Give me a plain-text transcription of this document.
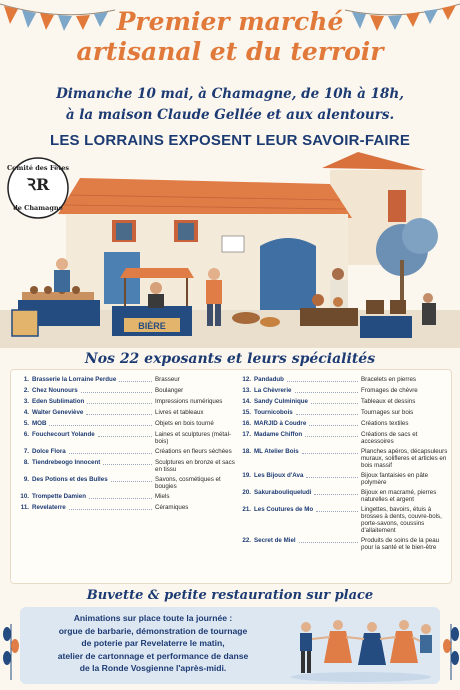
Premier marché
artisanal et du terroir
Dimanche 10 mai, à Chamagne, de 10h à 18h,
à la maison Claude Gellée et aux alentours.
LES LORRAINS EXPOSENT LEUR SAVOIR-FAIRE
BIÈRE
Comité des Fêtes
ꝚR
de Chamagne
Nos 22 exposants et leurs spécialités
1. Brasserie la Lorraine Perdue	Brasseur
2. Chez Nounours	Boulanger
3. Eden Sublimation	Impressions numériques
4. Walter Geneviève	Livres et tableaux
5. MOB	Objets en bois tourné
6. Fouchecourt Yolande	Laines et sculptures (métal-bois)
7. Dolce Flora	Créations en fleurs séchées
8. Tiendrebeogo Innocent	Sculptures en bronze et sacs en tissu
9. Des Potions et des Bulles	Savons, cosmétiques et bougies
10. Trompette Damien	Miels
11. Revelaterre	Céramiques
12. Pandadub	Bracelets en pierres
13. La Chèvrerie	Fromages de chèvre
14. Sandy Culminique	Tableaux et dessins
15. Tournicobois	Tournages sur bois
16. MARJID à Coudre	Créations textiles
17. Madame Chiffon	Créations de sacs et accessoires
18. ML Atelier Bois	Planches apéros, décapsuleurs muraux, solifleres et articles en bois massif
19. Les Bijoux d'Ava	Bijoux fantaisies en pâte polymère
20. Sakurabouliqueludi	Bijoux en macramé, pierres naturelles et argent
21. Les Coutures de Mo	Lingettes, bavoirs, étuis à brosses à dents, couvre-bols, porte-savons, coussins d'allaitement
22. Secret de Miel	Produits de soins de la peau pour la santé et le bien-être
Buvette & petite restauration sur place
Animations sur place toute la journée :
orgue de barbarie, démonstration de tournage
de poterie par Revelaterre le matin,
atelier de cartonnage et performance de danse
de la Ronde Vosgienne l'après-midi.
